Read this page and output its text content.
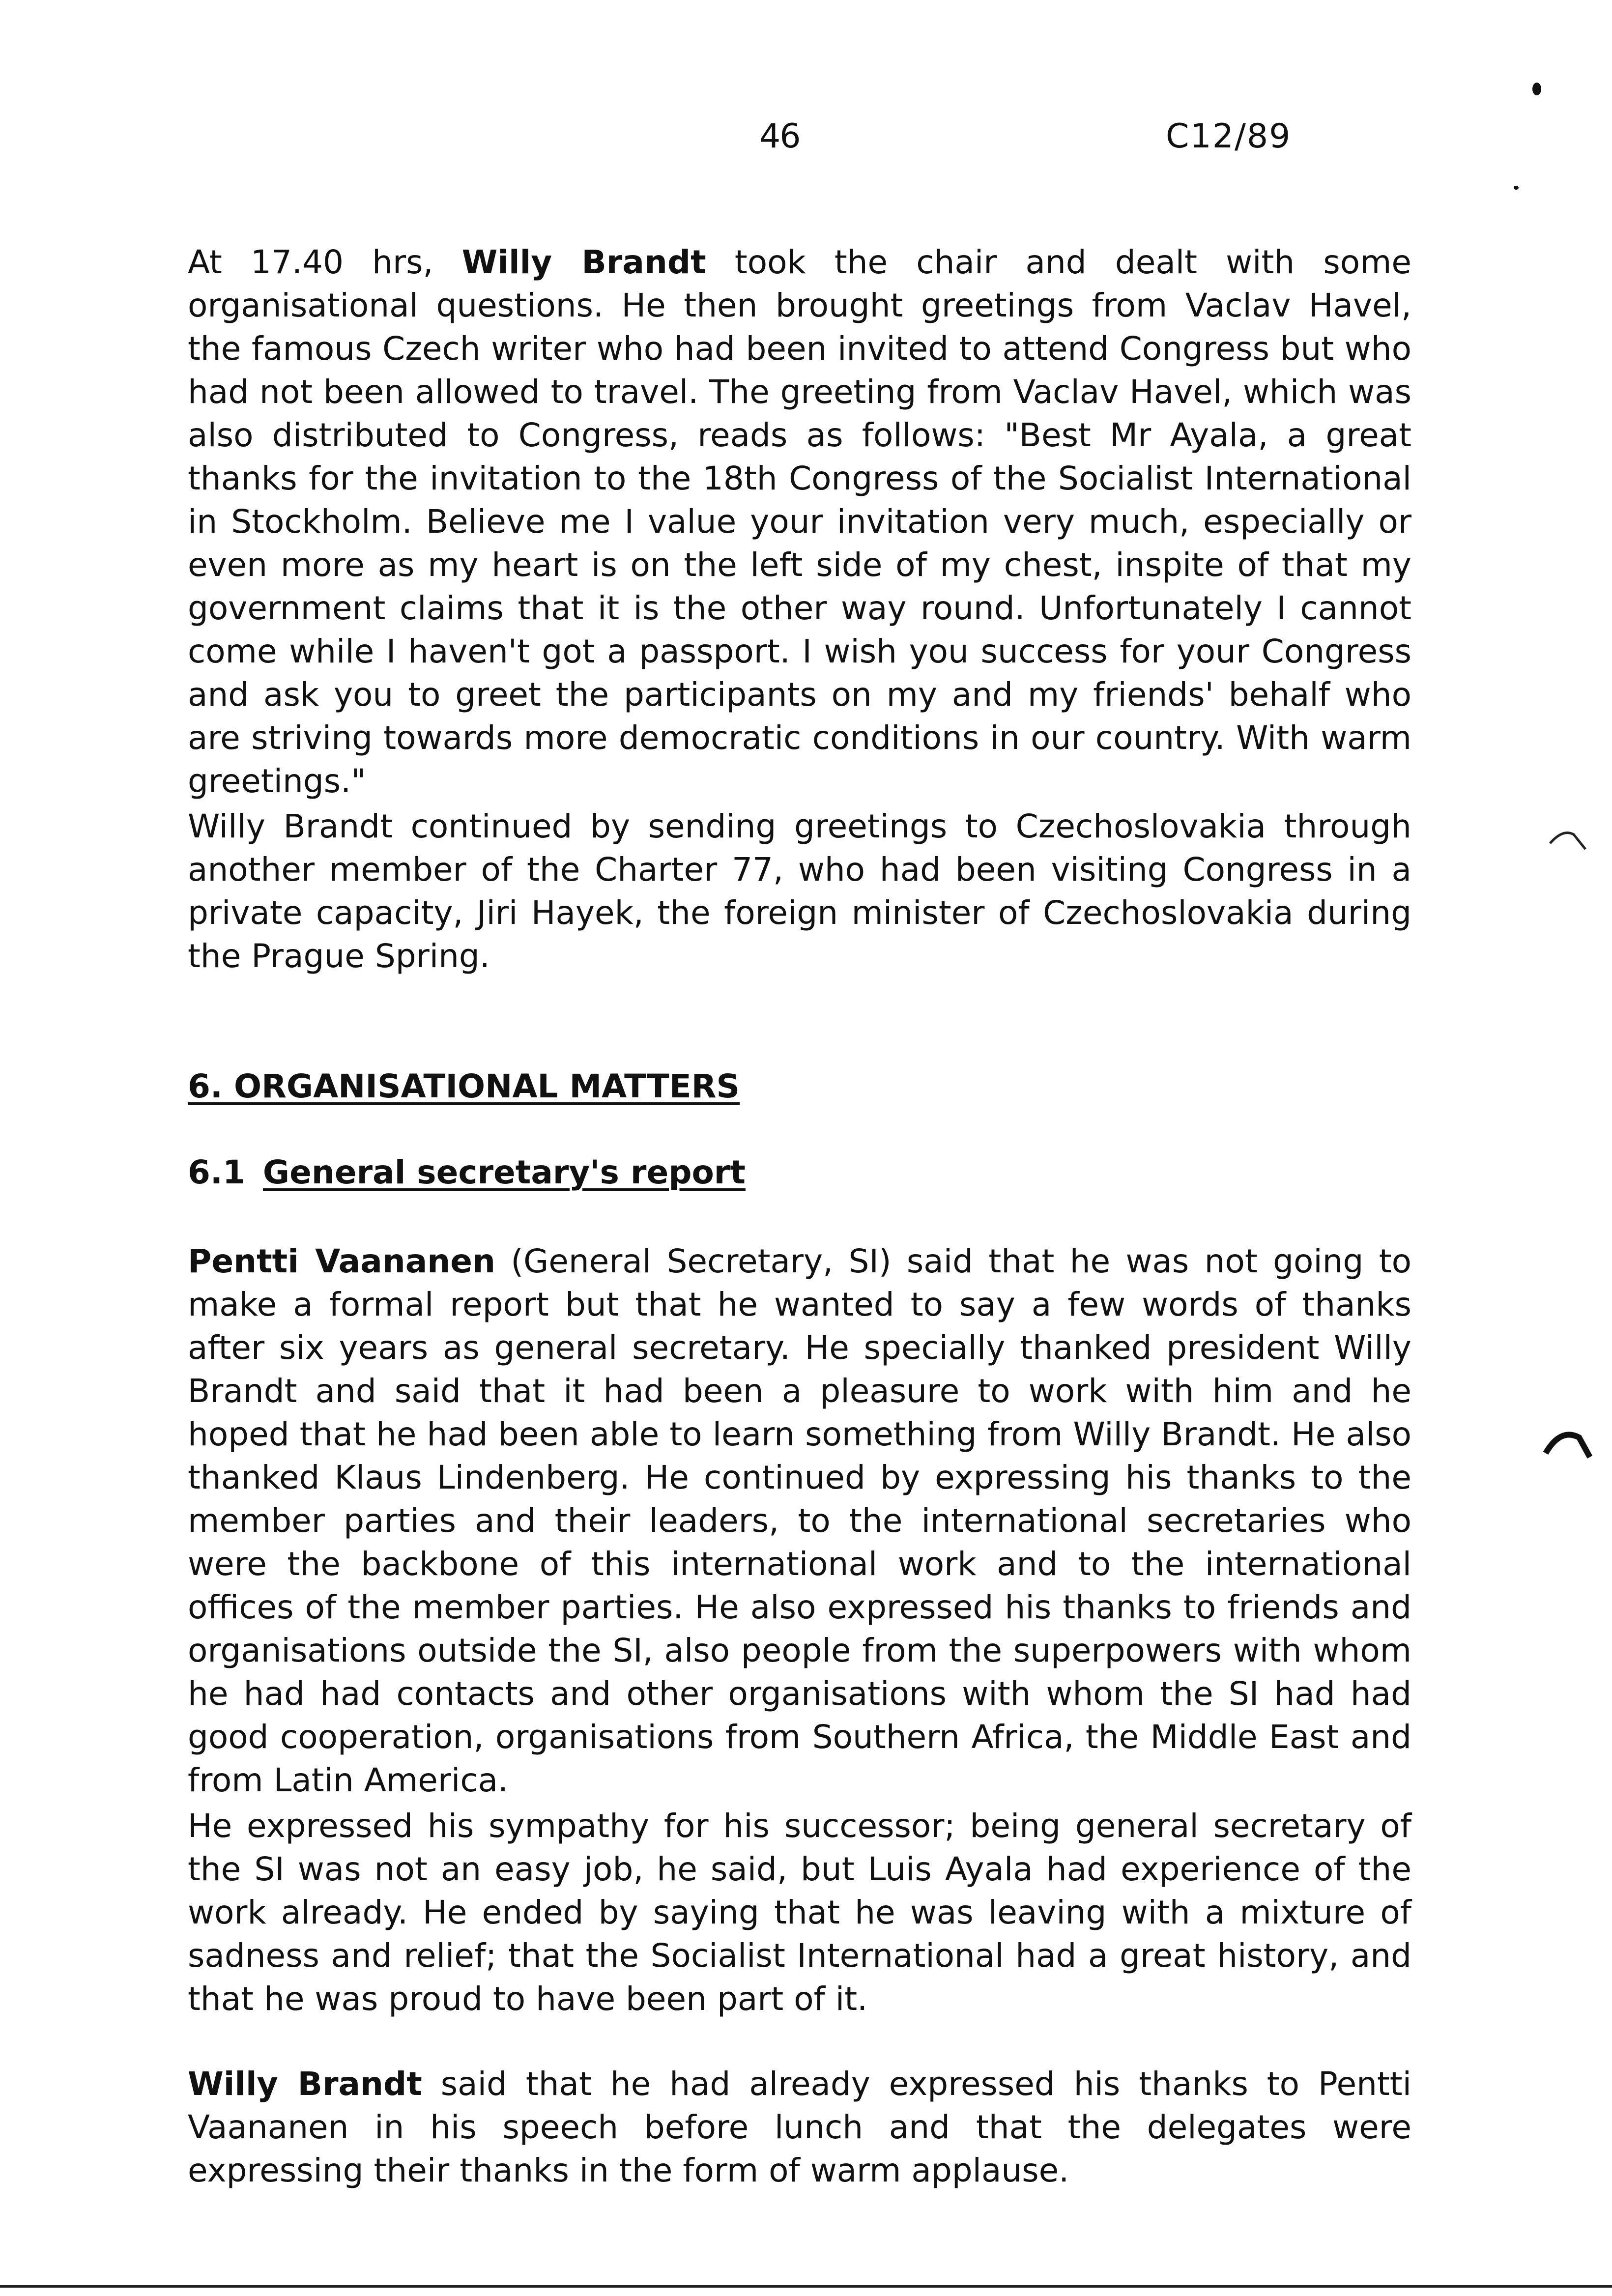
46	C12/89

At 17.40 hrs, Willy Brandt took the chair and dealt with some organisational questions. He then brought greetings from Vaclav Havel, the famous Czech writer who had been invited to attend Congress but who had not been allowed to travel. The greeting from Vaclav Havel, which was also distributed to Congress, reads as follows: "Best Mr Ayala, a great thanks for the invitation to the 18th Congress of the Socialist International in Stockholm. Believe me I value your invitation very much, especially or even more as my heart is on the left side of my chest, inspite of that my government claims that it is the other way round. Unfortunately I cannot come while I haven't got a passport. I wish you success for your Congress and ask you to greet the participants on my and my friends' behalf who are striving towards more democratic conditions in our country. With warm greetings."

Willy Brandt continued by sending greetings to Czechoslovakia through another member of the Charter 77, who had been visiting Congress in a private capacity, Jiri Hayek, the foreign minister of Czechoslovakia during the Prague Spring.

6. ORGANISATIONAL MATTERS
6.1 General secretary's report

Pentti Vaananen (General Secretary, SI) said that he was not going to make a formal report but that he wanted to say a few words of thanks after six years as general secretary. He specially thanked president Willy Brandt and said that it had been a pleasure to work with him and he hoped that he had been able to learn something from Willy Brandt. He also thanked Klaus Lindenberg. He continued by expressing his thanks to the member parties and their leaders, to the international secretaries who were the backbone of this international work and to the international offices of the member parties. He also expressed his thanks to friends and organisations outside the SI, also people from the superpowers with whom he had had contacts and other organisations with whom the SI had had good cooperation, organisations from Southern Africa, the Middle East and from Latin America.

He expressed his sympathy for his successor; being general secretary of the SI was not an easy job, he said, but Luis Ayala had experience of the work already. He ended by saying that he was leaving with a mixture of sadness and relief; that the Socialist International had a great history, and that he was proud to have been part of it.

Willy Brandt said that he had already expressed his thanks to Pentti Vaananen in his speech before lunch and that the delegates were expressing their thanks in the form of warm applause.
